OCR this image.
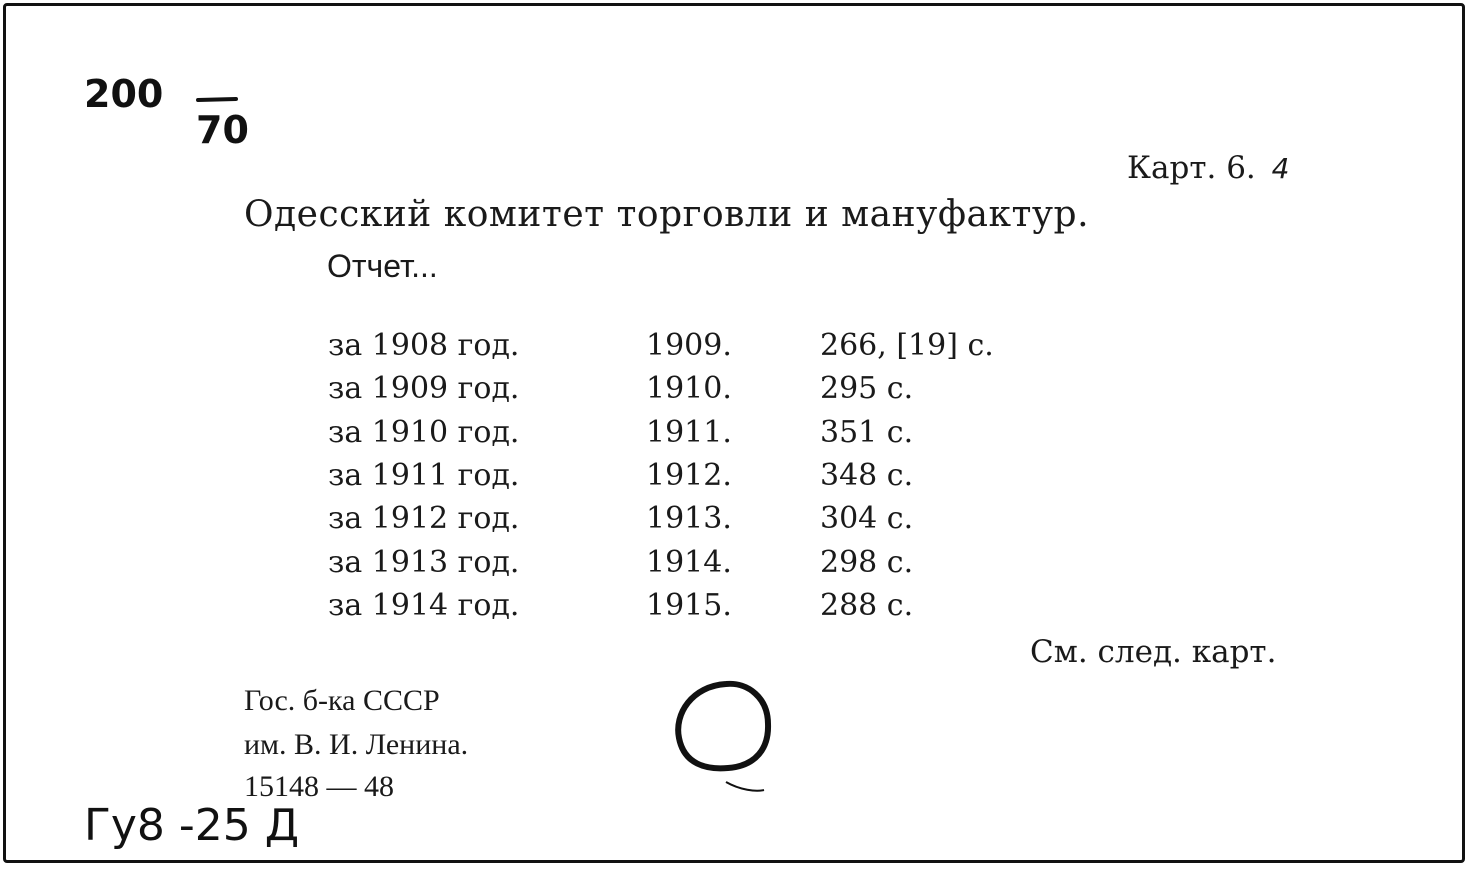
200
70
Карт. 6. 4
Одесский комитет торговли и мануфактур.
Отчет...
за 1908 год.	1909.	266, [19] с.
за 1909 год.	1910.	295 с.
за 1910 год.	1911.	351 с.
за 1911 год.	1912.	348 с.
за 1912 год.	1913.	304 с.
за 1913 год.	1914.	298 с.
за 1914 год.	1915.	288 с.
См. след. карт.
Гос. б-ка СССР
им. В. И. Ленина.
15148 — 48
Гу8 -25 Д
